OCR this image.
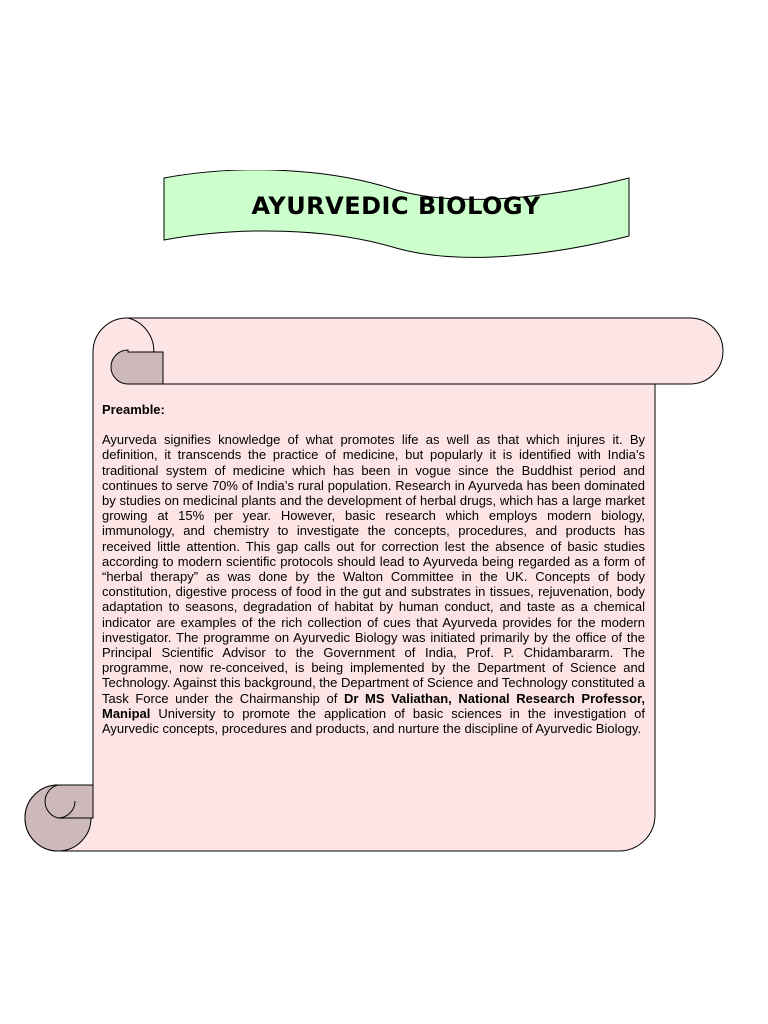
AYURVEDIC BIOLOGY

Preamble:

Ayurveda signifies knowledge of what promotes life as well as that which injures it. By definition, it transcends the practice of medicine, but popularly it is identified with India’s traditional system of medicine which has been in vogue since the Buddhist period and continues to serve 70% of India’s rural population. Research in Ayurveda has been dominated by studies on medicinal plants and the development of herbal drugs, which has a large market growing at 15% per year. However, basic research which employs modern biology, immunology, and chemistry to investigate the concepts, procedures, and products has received little attention. This gap calls out for correction lest the absence of basic studies according to modern scientific protocols should lead to Ayurveda being regarded as a form of “herbal therapy” as was done by the Walton Committee in the UK. Concepts of body constitution, digestive process of food in the gut and substrates in tissues, rejuvenation, body adaptation to seasons, degradation of habitat by human conduct, and taste as a chemical indicator are examples of the rich collection of cues that Ayurveda provides for the modern investigator. The programme on Ayurvedic Biology was initiated primarily by the office of the Principal Scientific Advisor to the Government of India, Prof. P. Chidambararm. The programme, now re-conceived, is being implemented by the Department of Science and Technology. Against this background, the Department of Science and Technology constituted a Task Force under the Chairmanship of Dr MS Valiathan, National Research Professor, Manipal University to promote the application of basic sciences in the investigation of Ayurvedic concepts, procedures and products, and nurture the discipline of Ayurvedic Biology.
